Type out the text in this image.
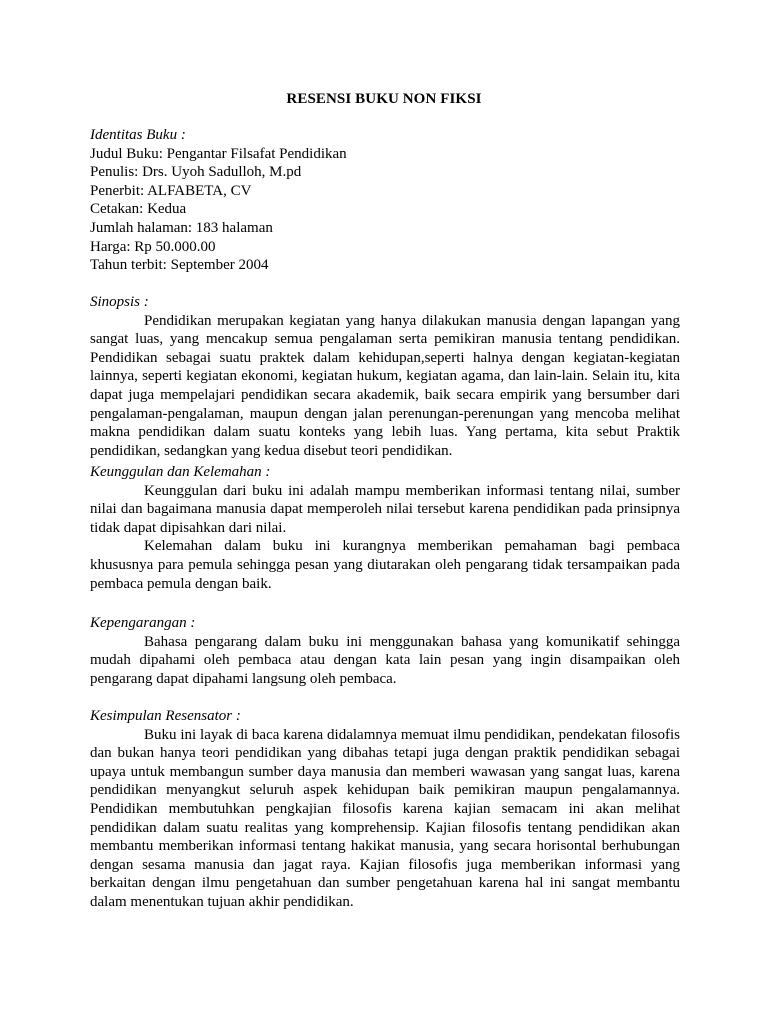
RESENSI BUKU NON FIKSI

Identitas Buku :

Judul Buku: Pengantar Filsafat Pendidikan
Penulis: Drs. Uyoh Sadulloh, M.pd
Penerbit: ALFABETA, CV
Cetakan: Kedua
Jumlah halaman: 183 halaman
Harga: Rp 50.000.00
Tahun terbit: September 2004

Sinopsis :

Pendidikan merupakan kegiatan yang hanya dilakukan manusia dengan lapangan yang sangat luas, yang mencakup semua pengalaman serta pemikiran manusia tentang pendidikan. Pendidikan sebagai suatu praktek dalam kehidupan,seperti halnya dengan kegiatan-kegiatan lainnya, seperti kegiatan ekonomi, kegiatan hukum, kegiatan agama, dan lain-lain. Selain itu, kita dapat juga mempelajari pendidikan secara akademik, baik secara empirik yang bersumber dari pengalaman-pengalaman, maupun dengan jalan perenungan-perenungan yang mencoba melihat makna pendidikan dalam suatu konteks yang lebih luas. Yang pertama, kita sebut Praktik pendidikan, sedangkan yang kedua disebut teori pendidikan.

Keunggulan dan Kelemahan :

Keunggulan dari buku ini adalah mampu memberikan informasi tentang nilai, sumber nilai dan bagaimana manusia dapat memperoleh nilai tersebut karena pendidikan pada prinsipnya tidak dapat dipisahkan dari nilai.

Kelemahan dalam buku ini kurangnya memberikan pemahaman bagi pembaca khususnya para pemula sehingga pesan yang diutarakan oleh pengarang tidak tersampaikan pada pembaca pemula dengan baik.

Kepengarangan :

Bahasa pengarang dalam buku ini menggunakan bahasa yang komunikatif sehingga mudah dipahami oleh pembaca atau dengan kata lain pesan yang ingin disampaikan oleh pengarang dapat dipahami langsung oleh pembaca.

Kesimpulan Resensator :

Buku ini layak di baca karena didalamnya memuat ilmu pendidikan, pendekatan filosofis dan bukan hanya teori pendidikan yang dibahas tetapi juga dengan praktik pendidikan sebagai upaya untuk membangun sumber daya manusia dan memberi wawasan yang sangat luas, karena pendidikan menyangkut seluruh aspek kehidupan baik pemikiran maupun pengalamannya. Pendidikan membutuhkan pengkajian filosofis karena kajian semacam ini akan melihat pendidikan dalam suatu realitas yang komprehensip. Kajian filosofis tentang pendidikan akan membantu memberikan informasi tentang hakikat manusia, yang secara horisontal berhubungan dengan sesama manusia dan jagat raya. Kajian filosofis juga memberikan informasi yang berkaitan dengan ilmu pengetahuan dan sumber pengetahuan karena hal ini sangat membantu dalam menentukan tujuan akhir pendidikan.
